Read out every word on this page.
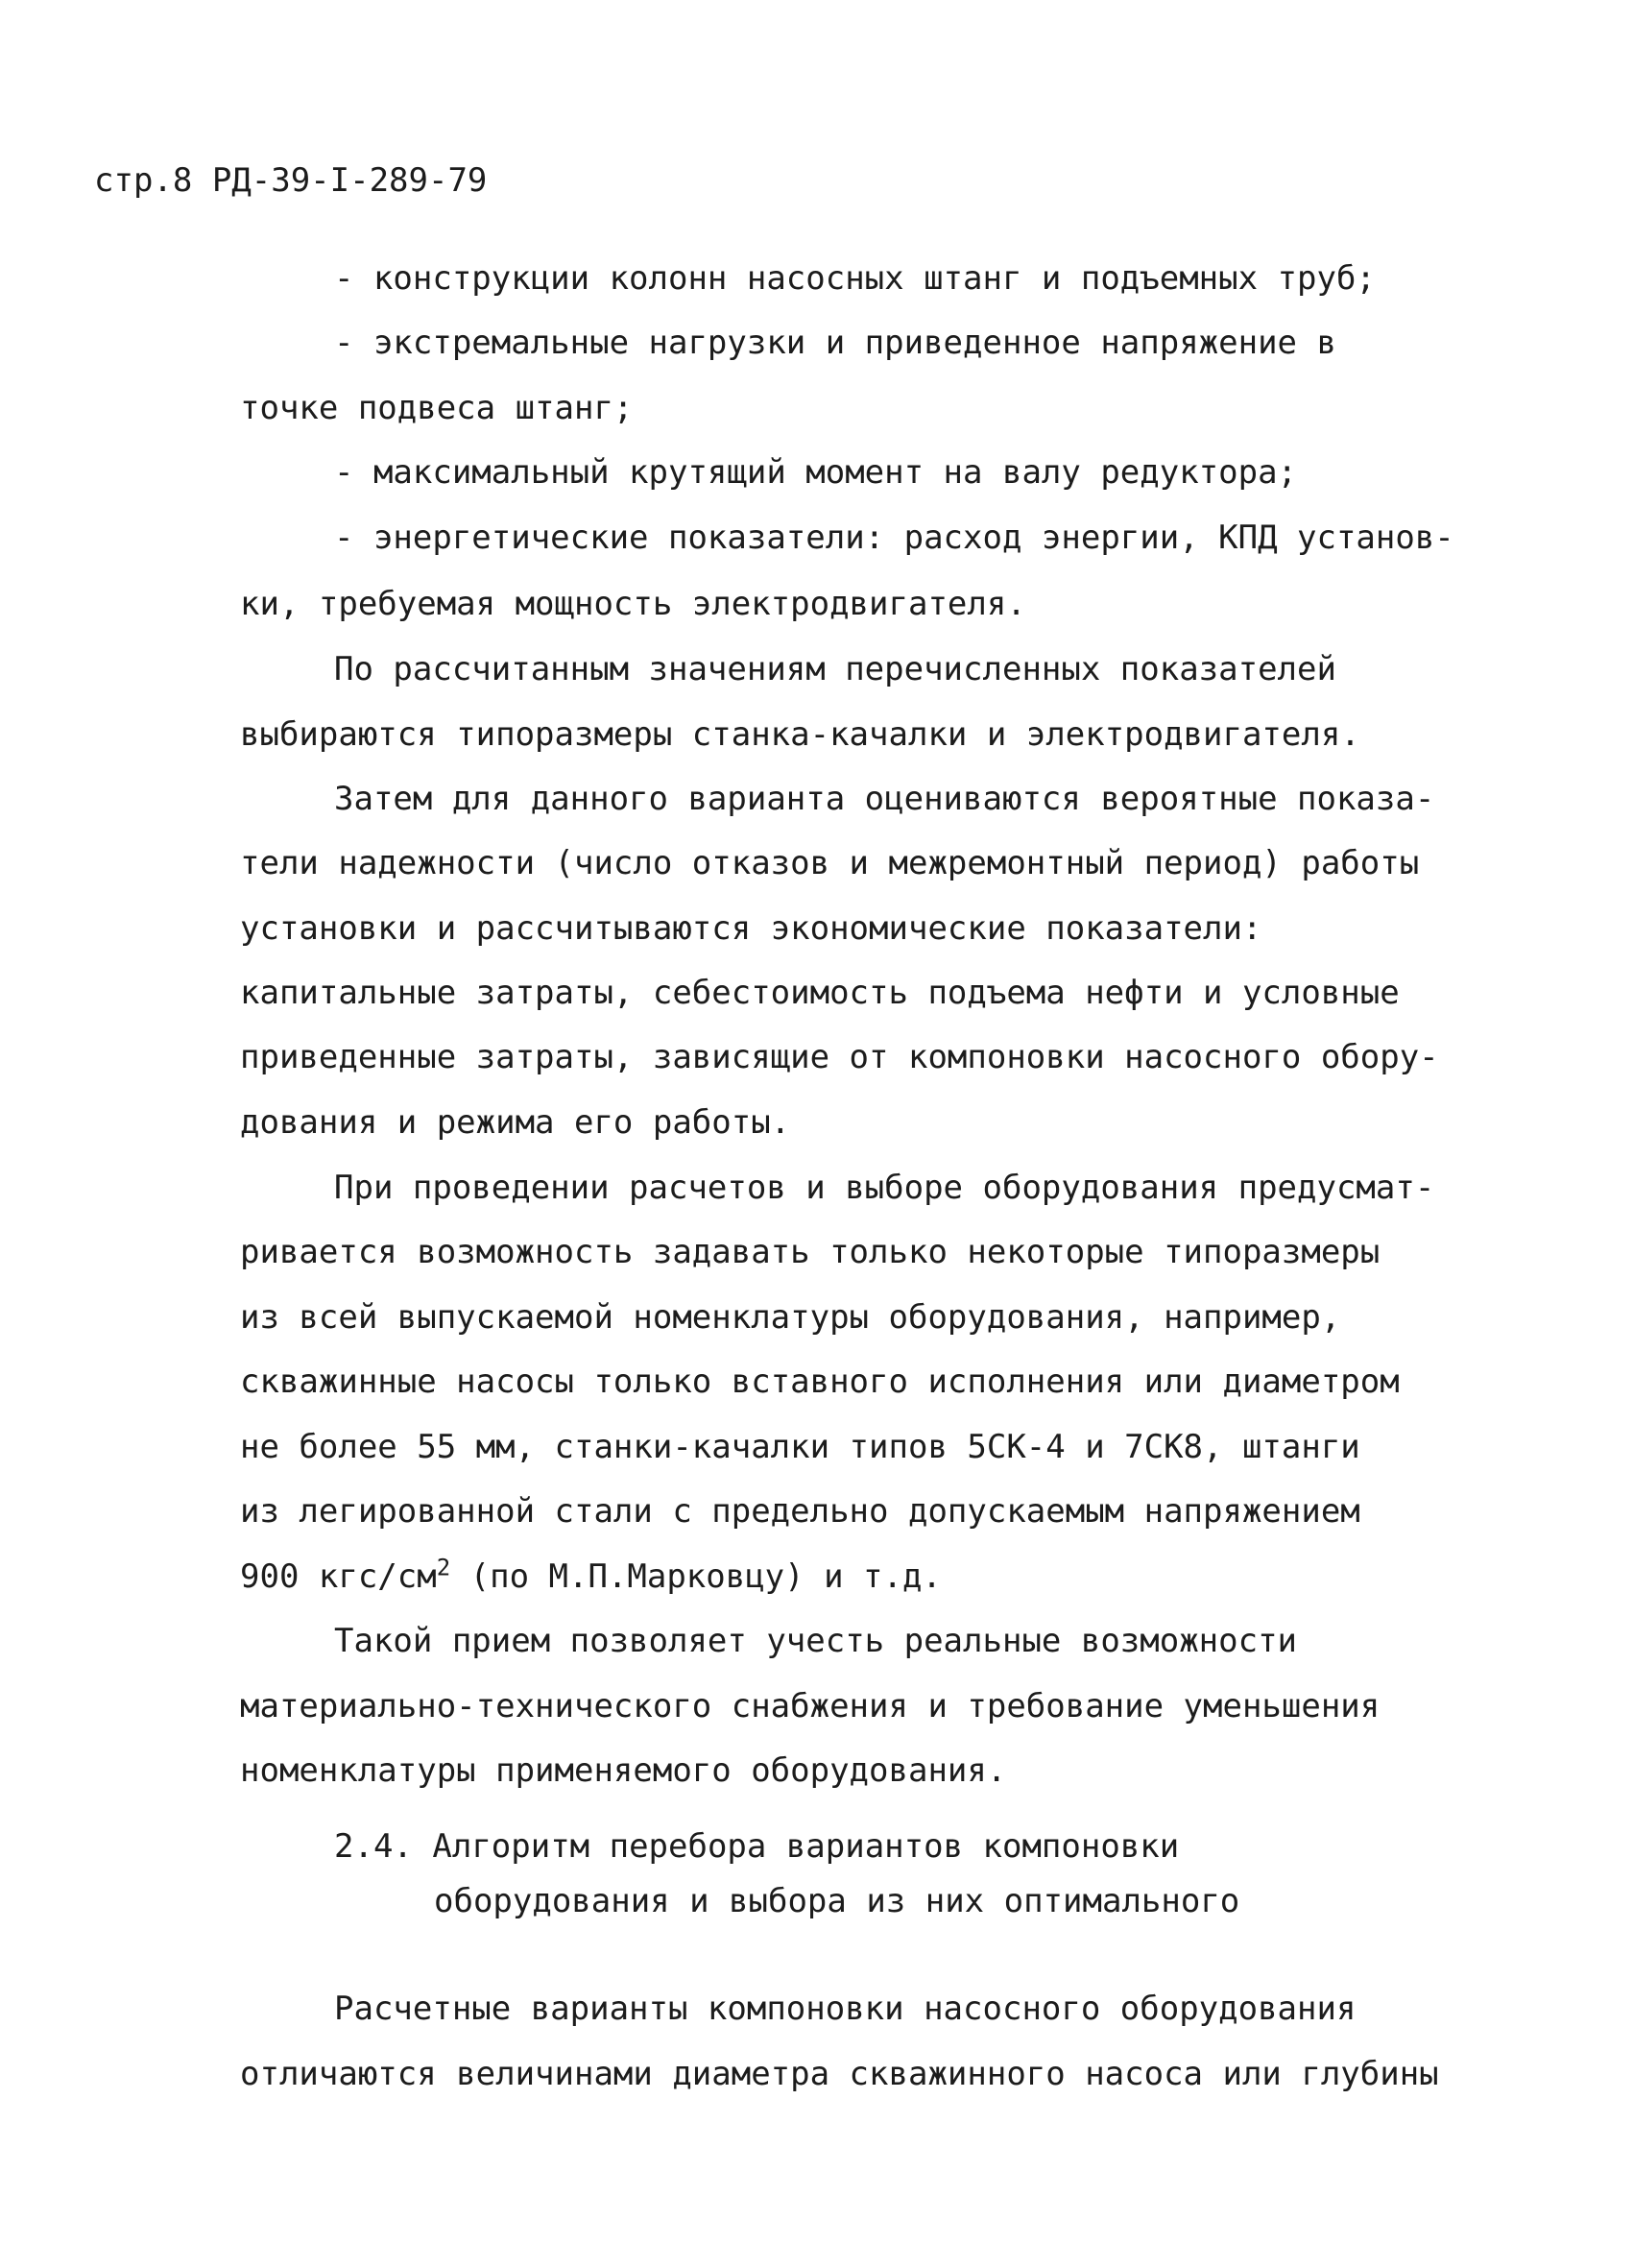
стр.8 РД-39-I-289-79
- конструкции колонн насосных штанг и подъемных труб;
- экстремальные нагрузки и приведенное напряжение в
точке подвеса штанг;
- максимальный крутящий момент на валу редуктора;
- энергетические показатели: расход энергии, КПД установ-
ки, требуемая мощность электродвигателя.
По рассчитанным значениям перечисленных показателей
выбираются типоразмеры станка-качалки и электродвигателя.
Затем для данного варианта оцениваются вероятные показа-
тели надежности (число отказов и межремонтный период) работы
установки и рассчитываются экономические показатели:
капитальные затраты, себестоимость подъема нефти и условные
приведенные затраты, зависящие от компоновки насосного обору-
дования и режима его работы.
При проведении расчетов и выборе оборудования предусмат-
ривается возможность задавать только некоторые типоразмеры
из всей выпускаемой номенклатуры оборудования, например,
скважинные насосы только вставного исполнения или диаметром
не более 55 мм, станки-качалки типов 5СК-4 и 7СК8, штанги
из легированной стали с предельно допускаемым напряжением
900 кгс/$см^2$ (по М.П.Марковцу) и т.д.
Такой прием позволяет учесть реальные возможности
материально-технического снабжения и требование уменьшения
номенклатуры применяемого оборудования.
2.4. Алгоритм перебора вариантов компоновки
оборудования и выбора из них оптимального
Расчетные варианты компоновки насосного оборудования
отличаются величинами диаметра скважинного насоса или глубины
